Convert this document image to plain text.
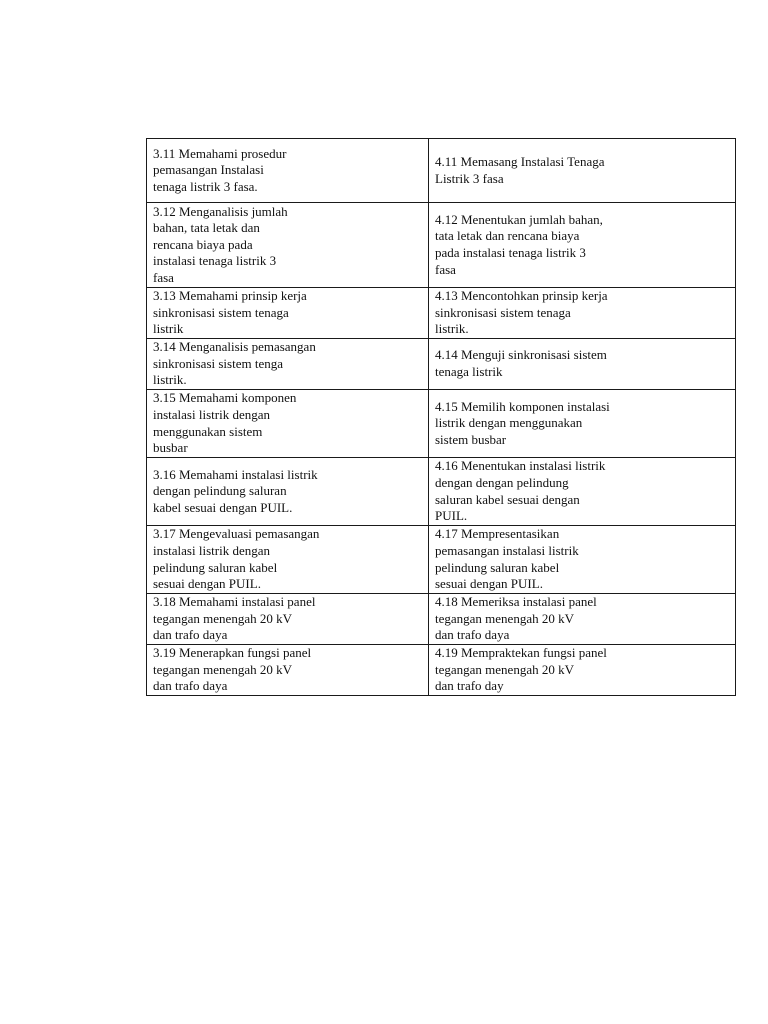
3.11 Memahami prosedur
pemasangan Instalasi
tenaga listrik 3 fasa.	4.11 Memasang Instalasi Tenaga
Listrik 3 fasa

3.12 Menganalisis jumlah
bahan, tata letak dan
rencana biaya pada
instalasi tenaga listrik 3
fasa	4.12 Menentukan jumlah bahan,
tata letak dan rencana biaya
pada instalasi tenaga listrik 3
fasa

3.13 Memahami prinsip kerja
sinkronisasi sistem tenaga
listrik	4.13 Mencontohkan prinsip kerja
sinkronisasi sistem tenaga
listrik.

3.14 Menganalisis pemasangan
sinkronisasi sistem tenga
listrik.	4.14 Menguji sinkronisasi sistem
tenaga listrik

3.15 Memahami komponen
instalasi listrik dengan
menggunakan sistem
busbar	4.15 Memilih komponen instalasi
listrik dengan menggunakan
sistem busbar

3.16 Memahami instalasi listrik
dengan pelindung saluran
kabel sesuai dengan PUIL.	4.16 Menentukan instalasi listrik
dengan dengan pelindung
saluran kabel sesuai dengan
PUIL.

3.17 Mengevaluasi pemasangan
instalasi listrik dengan
pelindung saluran kabel
sesuai dengan PUIL.	4.17 Mempresentasikan
pemasangan instalasi listrik
pelindung saluran kabel
sesuai dengan PUIL.

3.18 Memahami instalasi panel
tegangan menengah 20 kV
dan trafo daya	4.18 Memeriksa instalasi panel
tegangan menengah 20 kV
dan trafo daya

3.19 Menerapkan fungsi panel
tegangan menengah 20 kV
dan trafo daya	4.19 Mempraktekan fungsi panel
tegangan menengah 20 kV
dan trafo day
